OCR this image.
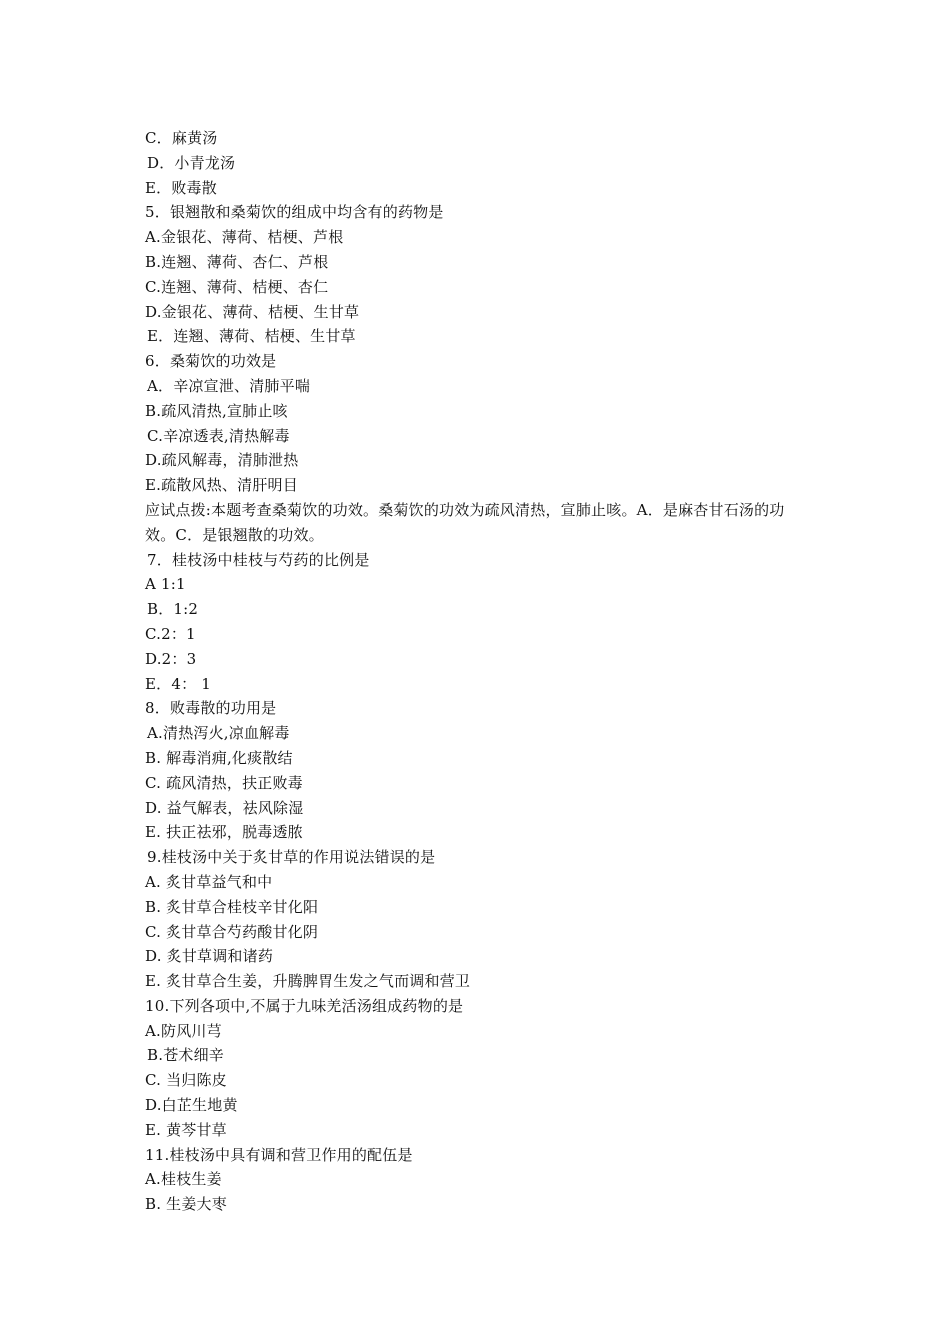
C．麻黄汤
D．小青龙汤
E．败毒散
5．银翘散和桑菊饮的组成中均含有的药物是
A.金银花、薄荷、桔梗、芦根
B.连翘、薄荷、杏仁、芦根
C.连翘、薄荷、桔梗、杏仁
D.金银花、薄荷、桔梗、生甘草
E．连翘、薄荷、桔梗、生甘草
6．桑菊饮的功效是
A．辛凉宣泄、清肺平喘
B.疏风清热,宣肺止咳
C.辛凉透表,清热解毒
D.疏风解毒，清肺泄热
E.疏散风热、清肝明目
应试点拨:本题考查桑菊饮的功效。桑菊饮的功效为疏风清热，宣肺止咳。A．是麻杏甘石汤的功效。C．是银翘散的功效。
7．桂枝汤中桂枝与芍药的比例是
A 1:1
B．1:2
C.2：1
D.2：3
E．4： 1
8．败毒散的功用是
A.清热泻火,凉血解毒
B. 解毒消痈,化痰散结
C. 疏风清热，扶正败毒
D. 益气解表，祛风除湿
E. 扶正祛邪，脱毒透脓
9.桂枝汤中关于炙甘草的作用说法错误的是
A. 炙甘草益气和中
B. 炙甘草合桂枝辛甘化阳
C. 炙甘草合芍药酸甘化阴
D. 炙甘草调和诸药
E. 炙甘草合生姜，升腾脾胃生发之气而调和营卫
10.下列各项中,不属于九味羌活汤组成药物的是
A.防风川芎
B.苍术细辛
C. 当归陈皮
D.白芷生地黄
E. 黄芩甘草
11.桂枝汤中具有调和营卫作用的配伍是
A.桂枝生姜
B. 生姜大枣
